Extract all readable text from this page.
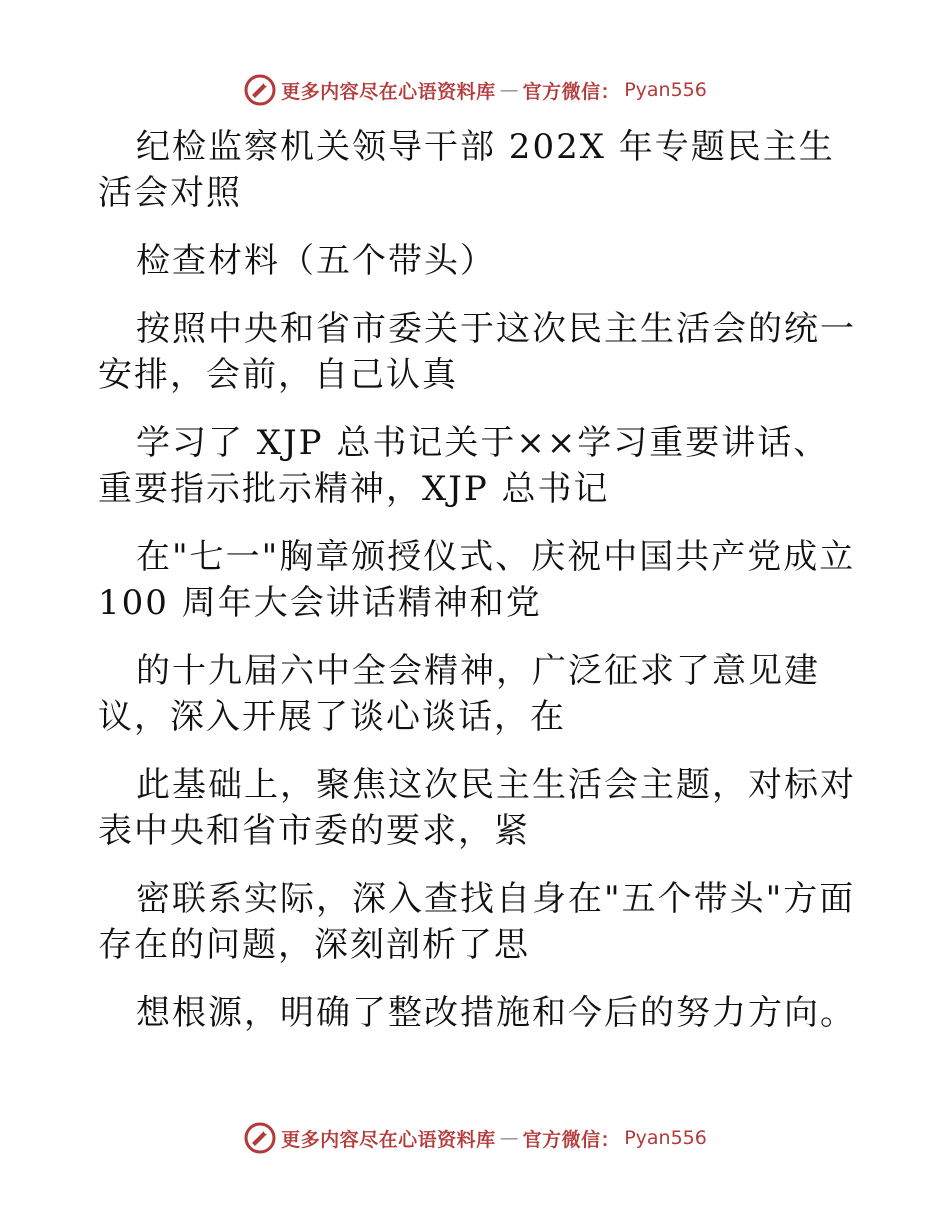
更多内容尽在心语资料库 — 官方微信： Pyan556

纪检监察机关领导干部 202X 年专题民主生活会对照

检查材料（五个带头）

按照中央和省市委关于这次民主生活会的统一安排，会前，自己认真

学习了 XJP 总书记关于××学习重要讲话、重要指示批示精神，XJP 总书记

在"七一"胸章颁授仪式、庆祝中国共产党成立 100 周年大会讲话精神和党

的十九届六中全会精神，广泛征求了意见建议，深入开展了谈心谈话，在

此基础上，聚焦这次民主生活会主题，对标对表中央和省市委的要求，紧

密联系实际，深入查找自身在"五个带头"方面存在的问题，深刻剖析了思

想根源，明确了整改措施和今后的努力方向。

更多内容尽在心语资料库 — 官方微信： Pyan556
